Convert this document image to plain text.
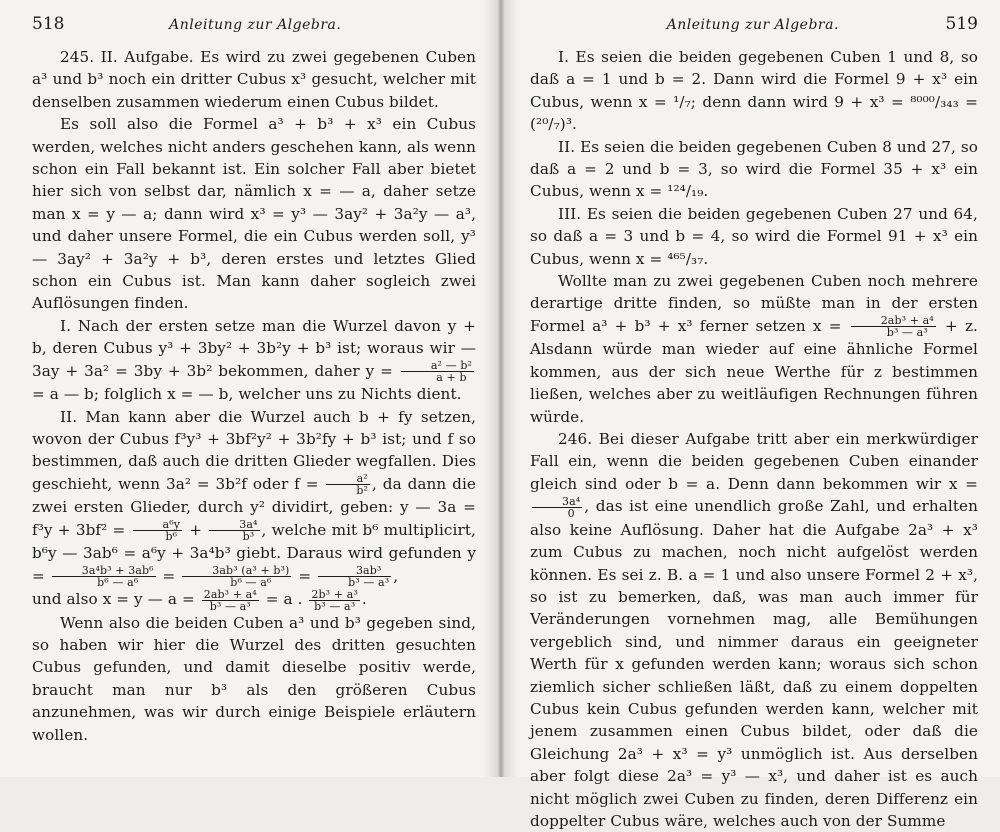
518	Anleitung zur Algebra.

245. II. Aufgabe. Es wird zu zwei gegebenen Cuben a³ und b³ noch ein dritter Cubus x³ gesucht, welcher mit denselben zusammen wiederum einen Cubus bildet.

Es soll also die Formel a³ + b³ + x³ ein Cubus werden, welches nicht anders geschehen kann, als wenn schon ein Fall bekannt ist. Ein solcher Fall aber bietet hier sich von selbst dar, nämlich x = — a, daher setze man x = y — a; dann wird x³ = y³ — 3ay² + 3a²y — a³, und daher unsere Formel, die ein Cubus werden soll, y³ — 3ay² + 3a²y + b³, deren erstes und letztes Glied schon ein Cubus ist. Man kann daher sogleich zwei Auflösungen finden.

I. Nach der ersten setze man die Wurzel davon y + b, deren Cubus y³ + 3by² + 3b²y + b³ ist; woraus wir — 3ay + 3a² = 3by + 3b² bekommen, daher $y = \frac{\text{a² — b²}}{a + b}$
= a — b; folglich x = — b, welcher uns zu Nichts dient.

II. Man kann aber die Wurzel auch b + fy setzen, wovon der Cubus f³y³ + 3bf²y² + 3b²fy + b³ ist; und f so bestimmen, daß auch die dritten Glieder wegfallen. Dies geschieht, wenn 3a² = 3b²f oder $f = \frac{\text{a²}}{\text{b²}}$ , da dann die zwei ersten Glieder, durch y² dividirt, geben: y — $3a = f^3y + 3bf^2 = \frac{\text{a⁶y}}{\text{b⁶}} + \frac{\text{3a⁴}}{\text{b³}}$ , welche mit b⁶ multiplicirt, b⁶y — 3ab⁶ = a⁶y + 3a⁴b³ giebt. Daraus wird gefunden $y = \frac{\text{3a⁴b³ + 3ab⁶}}{\text{b⁶ — a⁶}} = \frac{\text{3ab³ (a³ + b³)}}{\text{b⁶ — a⁶}} = \frac{\text{3ab³}}{\text{b³ — a³}}$ ,

und also x = y — $a = \frac{\text{2ab³ + a⁴}}{\text{b³ — a³}} = a$ . $\frac{\text{2b³ + a³}}{\text{b³ — a³}}$ .

Wenn also die beiden Cuben a³ und b³ gegeben sind, so haben wir hier die Wurzel des dritten gesuchten Cubus gefunden, und damit dieselbe positiv werde, braucht man nur b³ als den größeren Cubus anzunehmen, was wir durch einige Beispiele erläutern wollen.

Anleitung zur Algebra.	519

I. Es seien die beiden gegebenen Cuben 1 und 8, so daß a = 1 und b = 2. Dann wird die Formel 9 + x³ ein Cubus, wenn x = ¹/₇; denn dann wird 9 + x³ = ⁸⁰⁰⁰/₃₄₃ = (²⁰/₇)³.

II. Es seien die beiden gegebenen Cuben 8 und 27, so daß a = 2 und b = 3, so wird die Formel 35 + x³ ein Cubus, wenn x = ¹²⁴/₁₉.

III. Es seien die beiden gegebenen Cuben 27 und 64, so daß a = 3 und b = 4, so wird die Formel 91 + x³ ein Cubus, wenn x = ⁴⁶⁵/₃₇.

Wollte man zu zwei gegebenen Cuben noch mehrere derartige dritte finden, so müßte man in der ersten Formel a³ + b³ + x³ ferner setzen $x = \frac{\text{2ab³ + a⁴}}{\text{b³ — a³}} + z$. Alsdann würde man wieder auf eine ähnliche Formel kommen, aus der sich neue Werthe für z bestimmen ließen, welches aber zu weitläufigen Rechnungen führen würde.

246. Bei dieser Aufgabe tritt aber ein merkwürdiger Fall ein, wenn die beiden gegebenen Cuben einander gleich sind oder b = a. Denn dann bekommen wir x =
$\frac{\text{3a⁴}}{0}$ , das ist eine unendlich große Zahl, und erhalten also keine Auflösung. Daher hat die Aufgabe 2a³ + x³ zum Cubus zu machen, noch nicht aufgelöst werden können. Es sei z. B. a = 1 und also unsere Formel 2 + x³, so ist zu bemerken, daß, was man auch immer für Veränderungen vornehmen mag, alle Bemühungen vergeblich sind, und nimmer daraus ein geeigneter Werth für x gefunden werden kann; woraus sich schon ziemlich sicher schließen läßt, daß zu einem doppelten Cubus kein Cubus gefunden werden kann, welcher mit jenem zusammen einen Cubus bildet, oder daß die Gleichung 2a³ + x³ = y³ unmöglich ist. Aus derselben aber folgt diese 2a³ = y³ — x³, und daher ist es auch nicht möglich zwei Cuben zu finden, deren Differenz ein doppelter Cubus wäre, welches auch von der Summe
